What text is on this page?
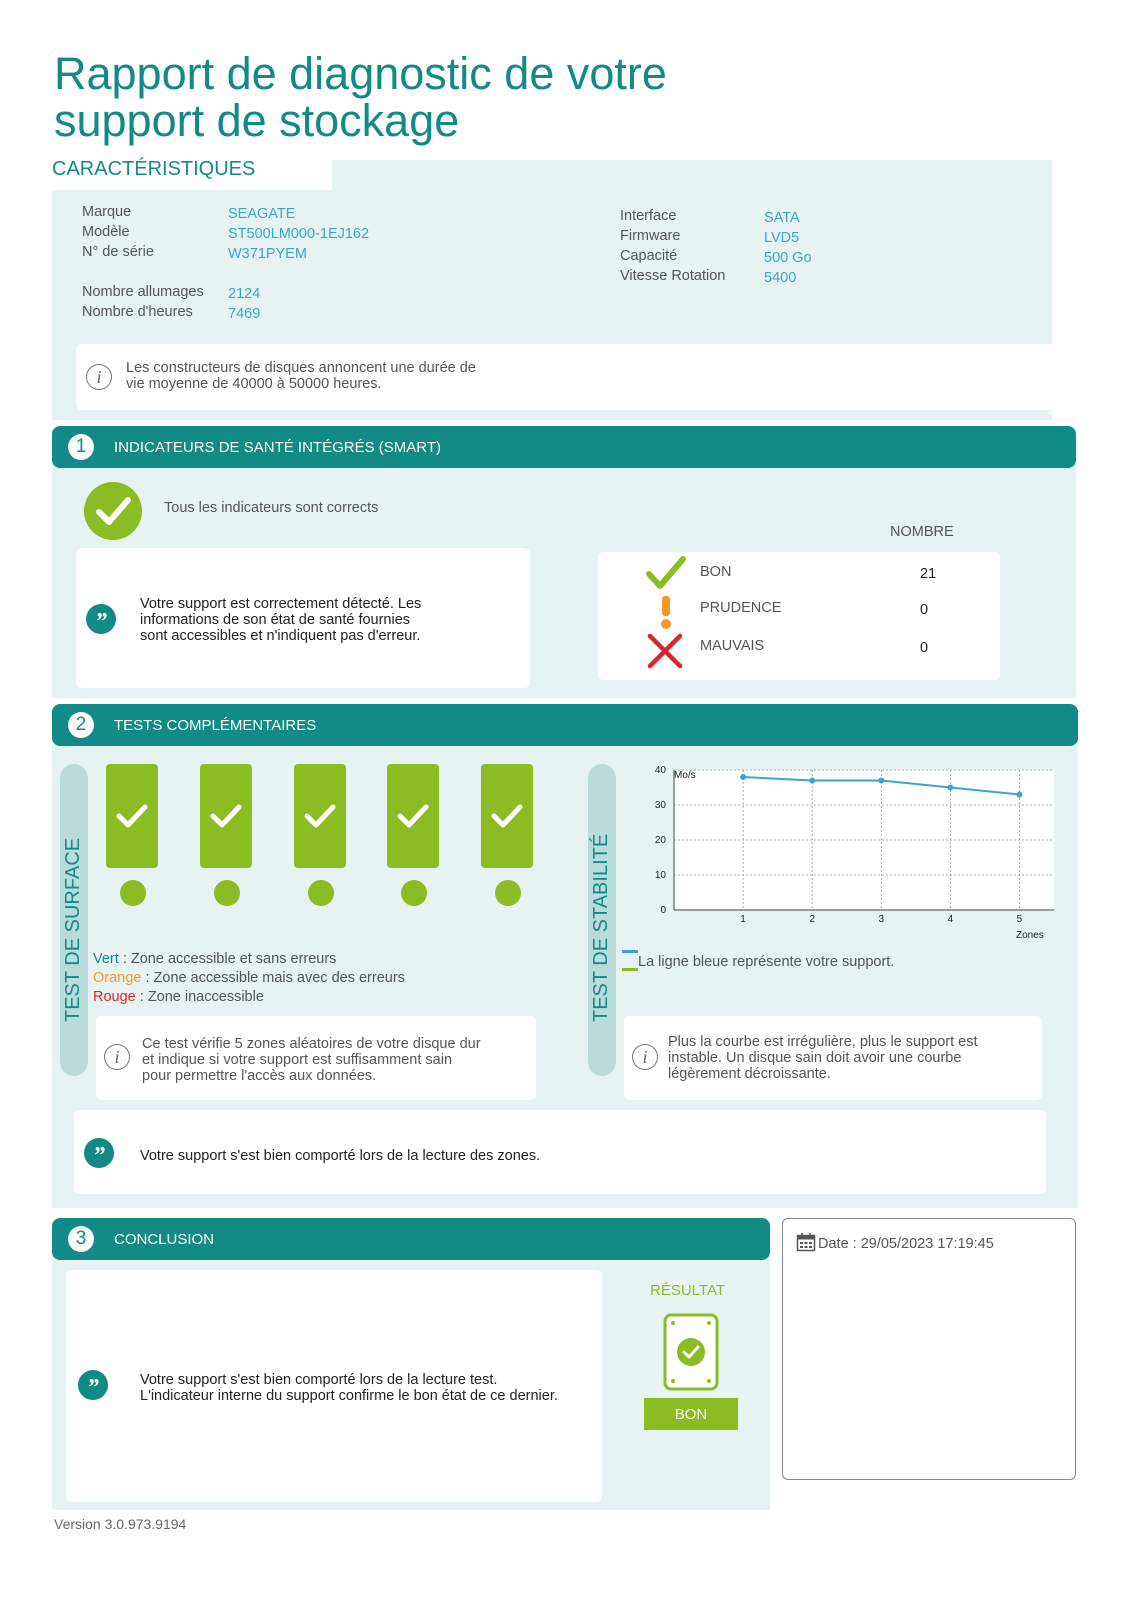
Rapport de diagnostic de votre
support de stockage
CARACTÉRISTIQUES
Marque	SEAGATE
Modèle	ST500LM000-1EJ162
N° de série	W371PYEM
Nombre allumages 2124
Nombre d'heures 7469
Interface	SATA
Firmware	LVD5
Capacité	500 Go
Vitesse Rotation	5400
i	Les constructeurs de disques annoncent une durée de
vie moyenne de 40000 à 50000 heures.
1	INDICATEURS DE SANTÉ INTÉGRÉS (SMART)
Tous les indicateurs sont corrects
NOMBRE
”
Votre support est correctement détecté. Les
informations de son état de santé fournies
sont accessibles et n'indiquent pas d'erreur.
BON	21
PRUDENCE	0
MAUVAIS	0
2	TESTS COMPLÉMENTAIRES
TEST DE SURFACE Vert : Zone accessible et sans erreurs
Orange : Zone accessible mais avec des erreurs
Rouge : Zone inaccessible
i
Ce test vérifie 5 zones aléatoires de votre disque dur
et indique si votre support est suffisamment sain
pour permettre l'accès aux données.
TEST DE STABILITÉ	0
10
20
30
40
1	2	3	4	5
Mo/s
Zones
La ligne bleue représente votre support.
i
Plus la courbe est irrégulière, plus le support est
instable. Un disque sain doit avoir une courbe
légèrement décroissante.
”	Votre support s'est bien comporté lors de la lecture des zones.
3	CONCLUSION
”	Votre support s'est bien comporté lors de la lecture test.
L'indicateur interne du support confirme le bon état de ce dernier.
RÉSULTAT
BON
Date : 29/05/2023 17:19:45
Version 3.0.973.9194
